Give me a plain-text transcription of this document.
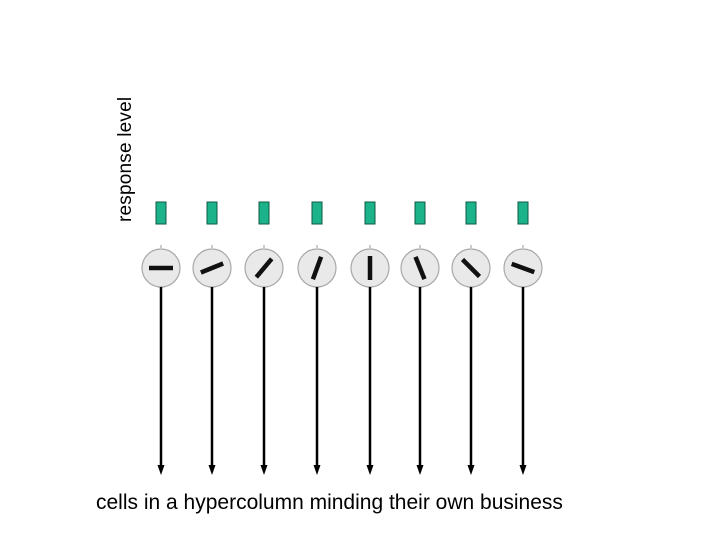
response level
cells in a hypercolumn minding their own business
